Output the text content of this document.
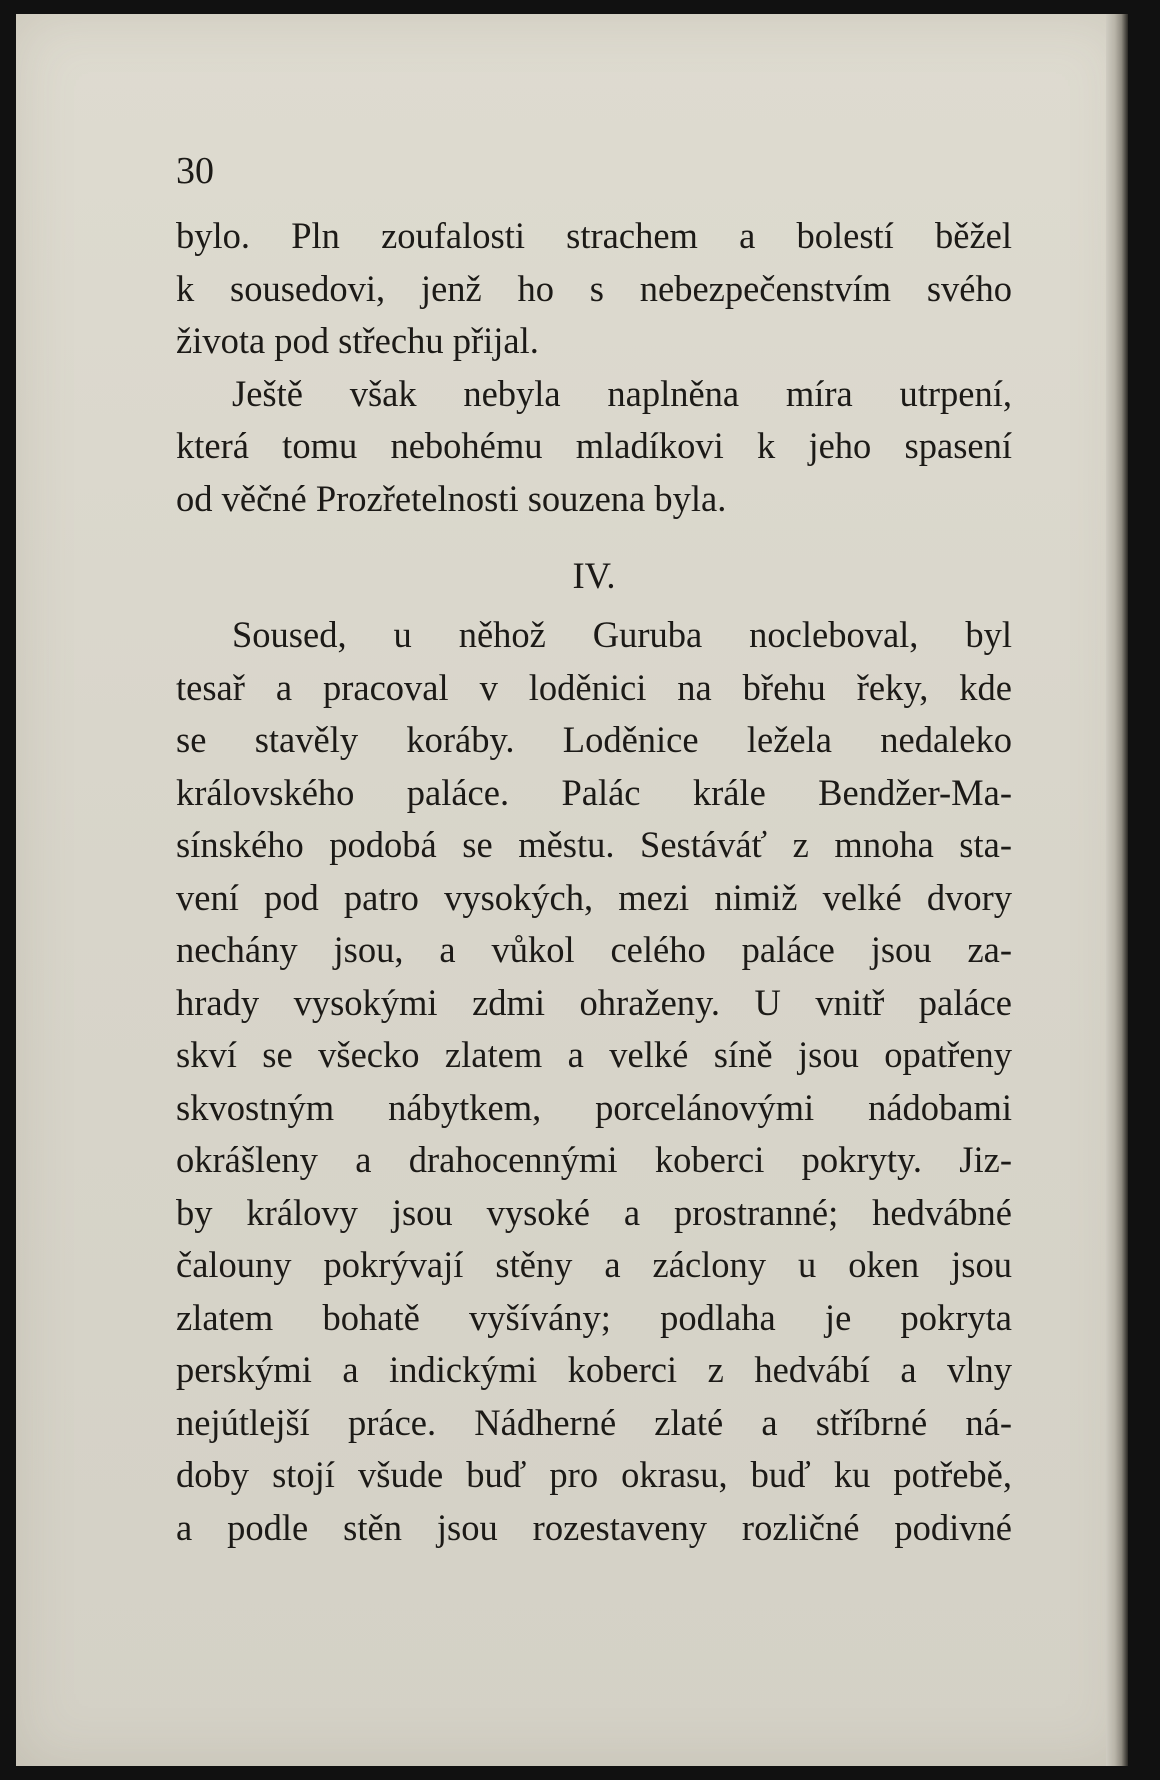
30
bylo. Pln zoufalosti strachem a bolestí běžel
k sousedovi, jenž ho s nebezpečenstvím svého
života pod střechu přijal.
Ještě však nebyla naplněna míra utrpení,
která tomu nebohému mladíkovi k jeho spasení
od věčné Prozřetelnosti souzena byla.
IV.
Soused, u něhož Guruba nocleboval, byl
tesař a pracoval v loděnici na břehu řeky, kde
se stavěly koráby. Loděnice ležela nedaleko
královského paláce. Palác krále Bendžer-Ma-
sínského podobá se městu. Sestáváť z mnoha sta-
vení pod patro vysokých, mezi nimiž velké dvory
nechány jsou, a vůkol celého paláce jsou za-
hrady vysokými zdmi ohraženy. U vnitř paláce
skví se všecko zlatem a velké síně jsou opatřeny
skvostným nábytkem, porcelánovými nádobami
okrášleny a drahocennými koberci pokryty. Jiz-
by královy jsou vysoké a prostranné; hedvábné
čalouny pokrývají stěny a záclony u oken jsou
zlatem bohatě vyšívány; podlaha je pokryta
perskými a indickými koberci z hedvábí a vlny
nejútlejší práce. Nádherné zlaté a stříbrné ná-
doby stojí všude buď pro okrasu, buď ku potřebě,
a podle stěn jsou rozestaveny rozličné podivné
